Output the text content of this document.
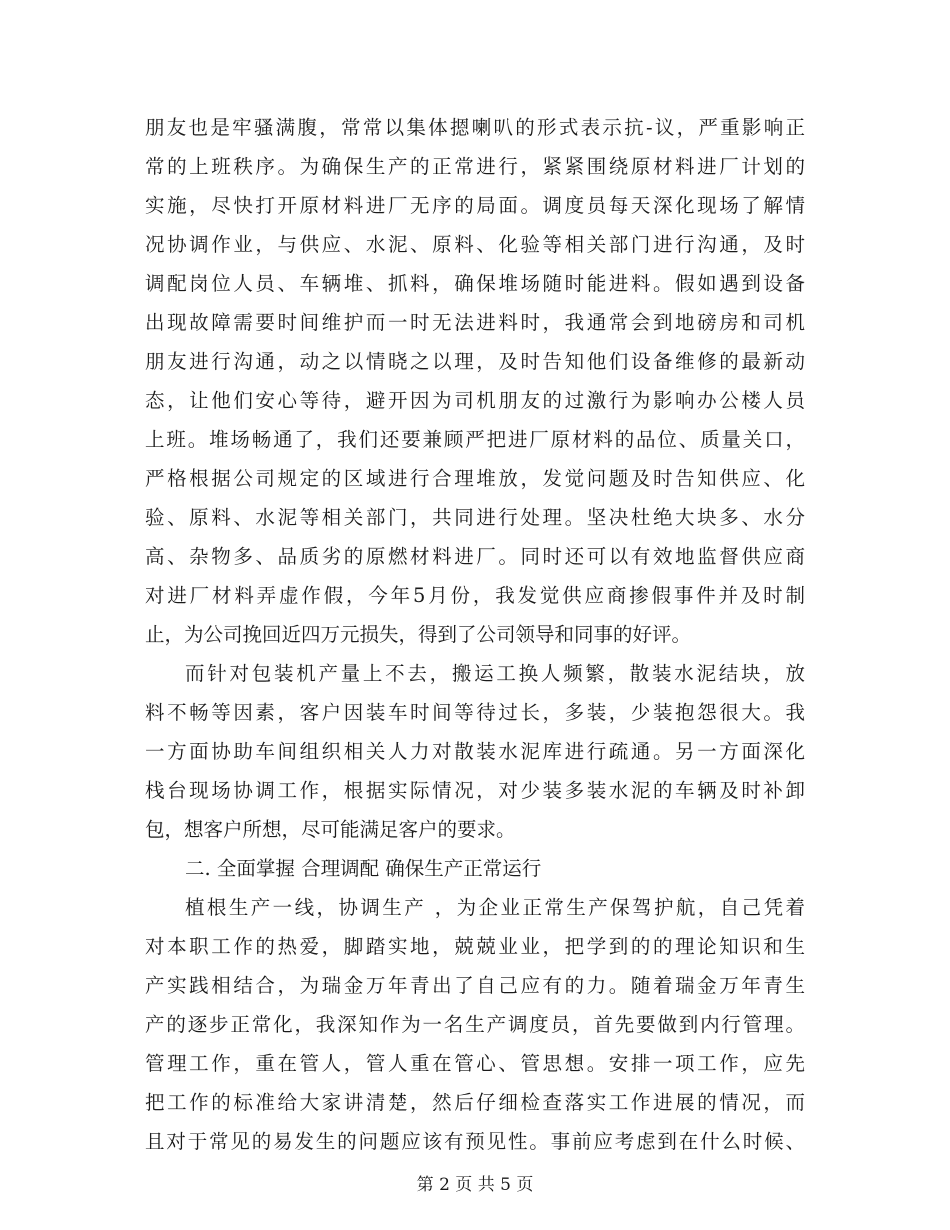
朋友也是牢骚满腹，常常以集体摁喇叭的形式表示抗-议，严重影响正
常的上班秩序。为确保生产的正常进行，紧紧围绕原材料进厂计划的
实施，尽快打开原材料进厂无序的局面。调度员每天深化现场了解情
况协调作业，与供应、水泥、原料、化验等相关部门进行沟通，及时
调配岗位人员、车辆堆、抓料，确保堆场随时能进料。假如遇到设备
出现故障需要时间维护而一时无法进料时，我通常会到地磅房和司机
朋友进行沟通，动之以情晓之以理，及时告知他们设备维修的最新动
态，让他们安心等待，避开因为司机朋友的过激行为影响办公楼人员
上班。堆场畅通了，我们还要兼顾严把进厂原材料的品位、质量关口，
严格根据公司规定的区域进行合理堆放，发觉问题及时告知供应、化
验、原料、水泥等相关部门，共同进行处理。坚决杜绝大块多、水分
高、杂物多、品质劣的原燃材料进厂。同时还可以有效地监督供应商
对进厂材料弄虚作假，今年5月份，我发觉供应商掺假事件并及时制
止，为公司挽回近四万元损失，得到了公司领导和同事的好评。
而针对包装机产量上不去，搬运工换人频繁，散装水泥结块，放
料不畅等因素，客户因装车时间等待过长，多装，少装抱怨很大。我
一方面协助车间组织相关人力对散装水泥库进行疏通。另一方面深化
栈台现场协调工作，根据实际情况，对少装多装水泥的车辆及时补卸
包，想客户所想，尽可能满足客户的要求。
二. 全面掌握 合理调配 确保生产正常运行
植根生产一线，协调生产 ，为企业正常生产保驾护航，自己凭着
对本职工作的热爱，脚踏实地，兢兢业业，把学到的的理论知识和生
产实践相结合，为瑞金万年青出了自己应有的力。随着瑞金万年青生
产的逐步正常化，我深知作为一名生产调度员，首先要做到内行管理。
管理工作，重在管人，管人重在管心、管思想。安排一项工作，应先
把工作的标准给大家讲清楚，然后仔细检查落实工作进展的情况，而
且对于常见的易发生的问题应该有预见性。事前应考虑到在什么时候、
第 2 页 共 5 页
